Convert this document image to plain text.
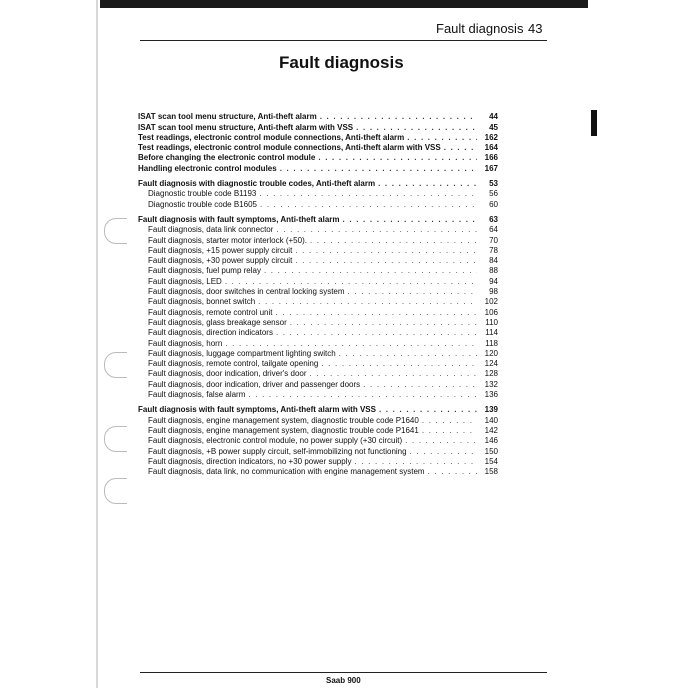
Fault diagnosis 43
Fault diagnosis
ISAT scan tool menu structure, Anti-theft alarm . . .	44
ISAT scan tool menu structure, Anti-theft alarm with VSS . . .	45
Test readings, electronic control module connections, Anti-theft alarm . . .	162
Test readings, electronic control module connections, Anti-theft alarm with VSS . . .	164
Before changing the electronic control module . . .	166
Handling electronic control modules . . .	167
Fault diagnosis with diagnostic trouble codes, Anti-theft alarm . . .	53
Diagnostic trouble code B1193 . . .	56
Diagnostic trouble code B1605 . . .	60
Fault diagnosis with fault symptoms, Anti-theft alarm . . .	63
Fault diagnosis, data link connector . . .	64
Fault diagnosis, starter motor interlock (+50). . . .	70
Fault diagnosis, +15 power supply circuit . . .	78
Fault diagnosis, +30 power supply circuit . . .	84
Fault diagnosis, fuel pump relay . . .	88
Fault diagnosis, LED . . .	94
Fault diagnosis, door switches in central locking system . . .	98
Fault diagnosis, bonnet switch . . .	102
Fault diagnosis, remote control unit . . .	106
Fault diagnosis, glass breakage sensor . . .	110
Fault diagnosis, direction indicators . . .	114
Fault diagnosis, horn . . .	118
Fault diagnosis, luggage compartment lighting switch . . .	120
Fault diagnosis, remote control, tailgate opening . . .	124
Fault diagnosis, door indication, driver's door . . .	128
Fault diagnosis, door indication, driver and passenger doors . . .	132
Fault diagnosis, false alarm . . .	136
Fault diagnosis with fault symptoms, Anti-theft alarm with VSS . . .	139
Fault diagnosis, engine management system, diagnostic trouble code P1640 . . .	140
Fault diagnosis, engine management system, diagnostic trouble code P1641 . . .	142
Fault diagnosis, electronic control module, no power supply (+30 circuit) . . .	146
Fault diagnosis, +B power supply circuit, self-immobilizing not functioning . . .	150
Fault diagnosis, direction indicators, no +30 power supply . . .	154
Fault diagnosis, data link, no communication with engine management system . . .	158
Saab 900
